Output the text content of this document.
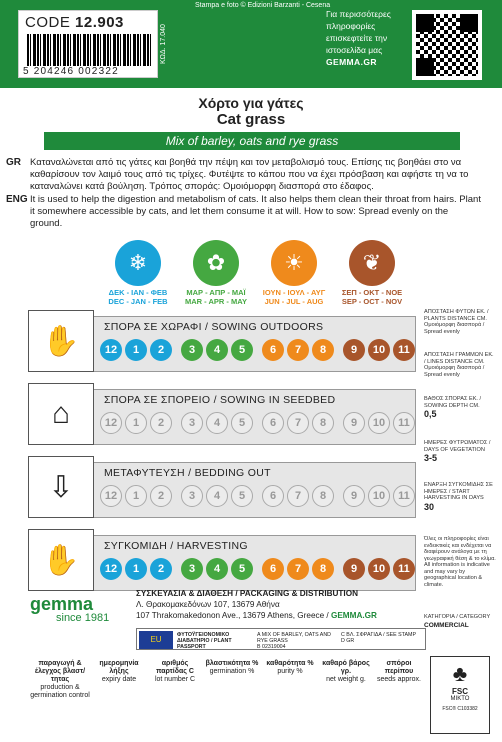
CODE 12.903
5 204246 002322
ΚΩΔ. 17.040
Stampa e foto © Edizioni Barzanti - Cesena
Για περισσότερες
πληροφορίες
επισκεφτείτε την
ιστοσελίδα μας
GEMMA.GR
Χόρτο για γάτες
Cat grass
Mix of barley, oats and rye grass
GR Καταναλώνεται από τις γάτες και βοηθά την πέψη και τον μεταβολισμό τους. Επίσης τις βοηθάει στο να καθαρίσουν τον λαιμό τους από τις τρίχες. Φυτέψτε το κάπου που να έχει πρόσβαση και αφήστε τη να το καταναλώνει κατά βούληση. Τρόπος σποράς: Ομοιόμορφη διασπορά στο έδαφος.
ENG It is used to help the digestion and metabolism of cats. It also helps them clean their throat from hairs. Plant it somewhere accessible by cats, and let them consume it at will. How to sow: Spread evenly on the ground.
❄
ΔΕΚ - ΙΑΝ - ΦΕΒ
DEC - JAN - FEB
✿
ΜΑΡ - ΑΠΡ - ΜΑΪ
MAR - APR - MAY
☀
ΙΟΥΝ - ΙΟΥΛ - ΑΥΓ
JUN - JUL - AUG
❦
ΣΕΠ - ΟΚΤ - ΝΟΕ
SEP - OCT - NOV
✋	ΣΠΟΡΑ ΣΕ ΧΩΡΑΦΙ / SOWING OUTDOORS
12	1	2	3	4	5	6	7	8	9	10	11
⌂	ΣΠΟΡΑ ΣΕ ΣΠΟΡΕΙΟ / SOWING IN SEEDBED
12	1	2	3	4	5	6	7	8	9	10	11
⇩	ΜΕΤΑΦΥΤΕΥΣΗ / BEDDING OUT
12	1	2	3	4	5	6	7	8	9	10	11
✋	ΣΥΓΚΟΜΙΔΗ / HARVESTING
12	1	2	3	4	5	6	7	8	9	10	11
ΑΠΟΣΤΑΣΗ ΦΥΤΩΝ ΕΚ. / PLANTS DISTANCE CM.
Ομοιόμορφη διασπορά / Spread evenly
ΑΠΟΣΤΑΣΗ ΓΡΑΜΜΩΝ ΕΚ. / LINES DISTANCE CM.
Ομοιόμορφη διασπορά / Spread evenly
ΒΑΘΟΣ ΣΠΟΡΑΣ ΕΚ. / SOWING DEPTH CM.
0,5
ΗΜΕΡΕΣ ΦΥΤΡΩΜΑΤΟΣ / DAYS OF VEGETATION
3-5
ΕΝΑΡΞΗ ΣΥΓΚΟΜΙΔΗΣ ΣΕ ΗΜΕΡΕΣ / START HARVESTING IN DAYS
30
Όλες οι πληροφορίες είναι ενδεικτικές και ενδέχεται να διαφέρουν ανάλογα με τη γεωγραφική θέση & το κλίμα. All information is indicative and may vary by geographical location & climate.
ΚΑΤΗΓΟΡΙΑ / CATEGORY
COMMERCIAL
gemma
since 1981
ΣΥΣΚΕΥΑΣΙΑ & ΔΙΑΘΕΣΗ / PACKAGING & DISTRIBUTION
Λ. Θρακομακεδόνων 107, 13679 Αθήνα
107 Thrakomakedonon Ave., 13679 Athens, Greece / GEMMA.GR
EU	ΦΥΤΟΫΓΕΙΟΝΟΜΙΚΟ ΔΙΑΒΑΤΗΡΙΟ / PLANT PASSPORT
A MIX OF BARLEY, OATS AND RYE GRASS
B 02319004
C ΒΛ. ΣΦΡΑΓΙΔΑ / SEE STAMP
D GR
παραγωγή & έλεγχος βλαστ/τητας
production & germination control
ημερομηνία λήξης
expiry date
αριθμός παρτίδας C
lot number C
βλαστικότητα %
germination %
καθαρότητα %
purity %
καθαρό βάρος γρ.
net weight g.
σπόροι περίπου
seeds approx.	♣
FSC
ΜΙΚΤΟ
FSC® C103382
